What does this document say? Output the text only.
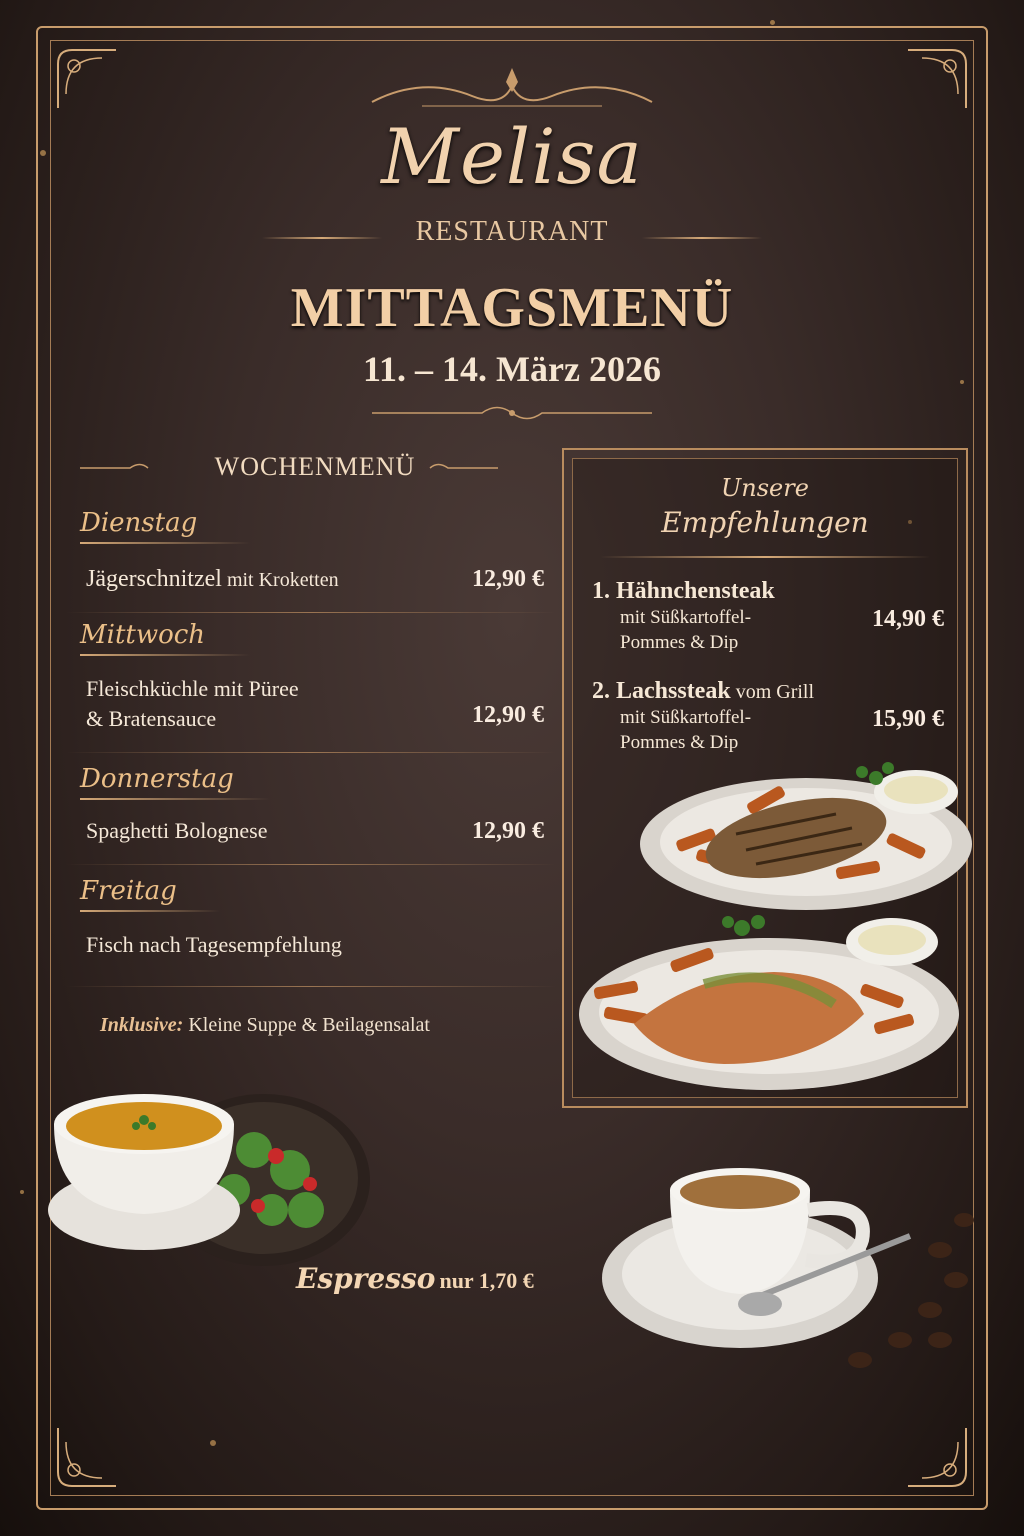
Melisa
RESTAURANT
MITTAGSMENÜ
11. – 14. März 2026
WOCHENMENÜ
Dienstag
Jägerschnitzel mit Kroketten	12,90 €
Mittwoch
Fleischküchle mit Püree
& Bratensauce	12,90 €
Donnerstag
Spaghetti Bolognese	12,90 €
Freitag
Fisch nach Tagesempfehlung
Inklusive: Kleine Suppe & Beilagensalat
Unsere
Empfehlungen
1. Hähnchensteak
mit Süßkartoffel-
Pommes & Dip
14,90 €
2. Lachssteak vom Grill
mit Süßkartoffel-
Pommes & Dip
15,90 €
Espresso nur 1,70 €
